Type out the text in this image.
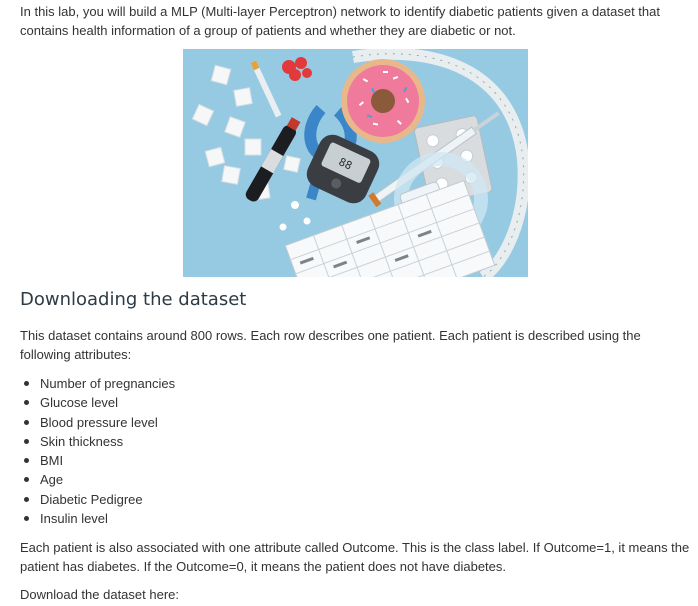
In this lab, you will build a MLP (Multi-layer Perceptron) network to identify diabetic patients given a dataset that contains health information of a group of patients and whether they are diabetic or not.

88
Downloading the dataset

This dataset contains around 800 rows. Each row describes one patient. Each patient is described using the following attributes:

Number of pregnancies
Glucose level
Blood pressure level
Skin thickness
BMI
Age
Diabetic Pedigree
Insulin level

Each patient is also associated with one attribute called Outcome. This is the class label. If Outcome=1, it means the patient has diabetes. If the Outcome=0, it means the patient does not have diabetes.

Download the dataset here:
